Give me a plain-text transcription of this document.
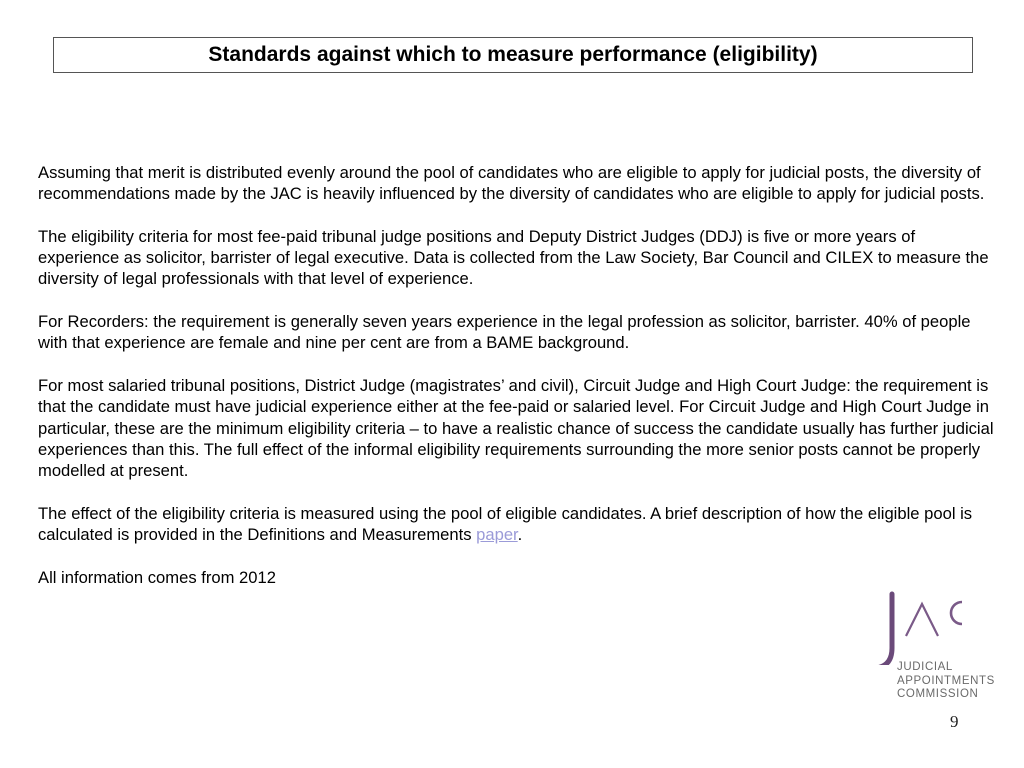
Standards against which to measure performance (eligibility)

Assuming that merit is distributed evenly around the pool of candidates who are eligible to apply for judicial posts, the diversity of recommendations made by the JAC is heavily influenced by the diversity of candidates who are eligible to apply for judicial posts.

The eligibility criteria for most fee-paid tribunal judge positions and Deputy District Judges (DDJ) is five or more years of experience as solicitor, barrister of legal executive. Data is collected from the Law Society, Bar Council and CILEX to measure the diversity of legal professionals with that level of experience.

For Recorders: the requirement is generally seven years experience in the legal profession as solicitor, barrister. 40% of people with that experience are female and nine per cent are from a BAME background.

For most salaried tribunal positions, District Judge (magistrates’ and civil), Circuit Judge and High Court Judge: the requirement is that the candidate must have judicial experience either at the fee-paid or salaried level. For Circuit Judge and High Court Judge in particular, these are the minimum eligibility criteria – to have a realistic chance of success the candidate usually has further judicial experiences than this. The full effect of the informal eligibility requirements surrounding the more senior posts cannot be properly modelled at present.

The effect of the eligibility criteria is measured using the pool of eligible candidates. A brief description of how the eligible pool is calculated is provided in the Definitions and Measurements paper.

All information comes from 2012

JUDICIAL
APPOINTMENTS
COMMISSION
9
